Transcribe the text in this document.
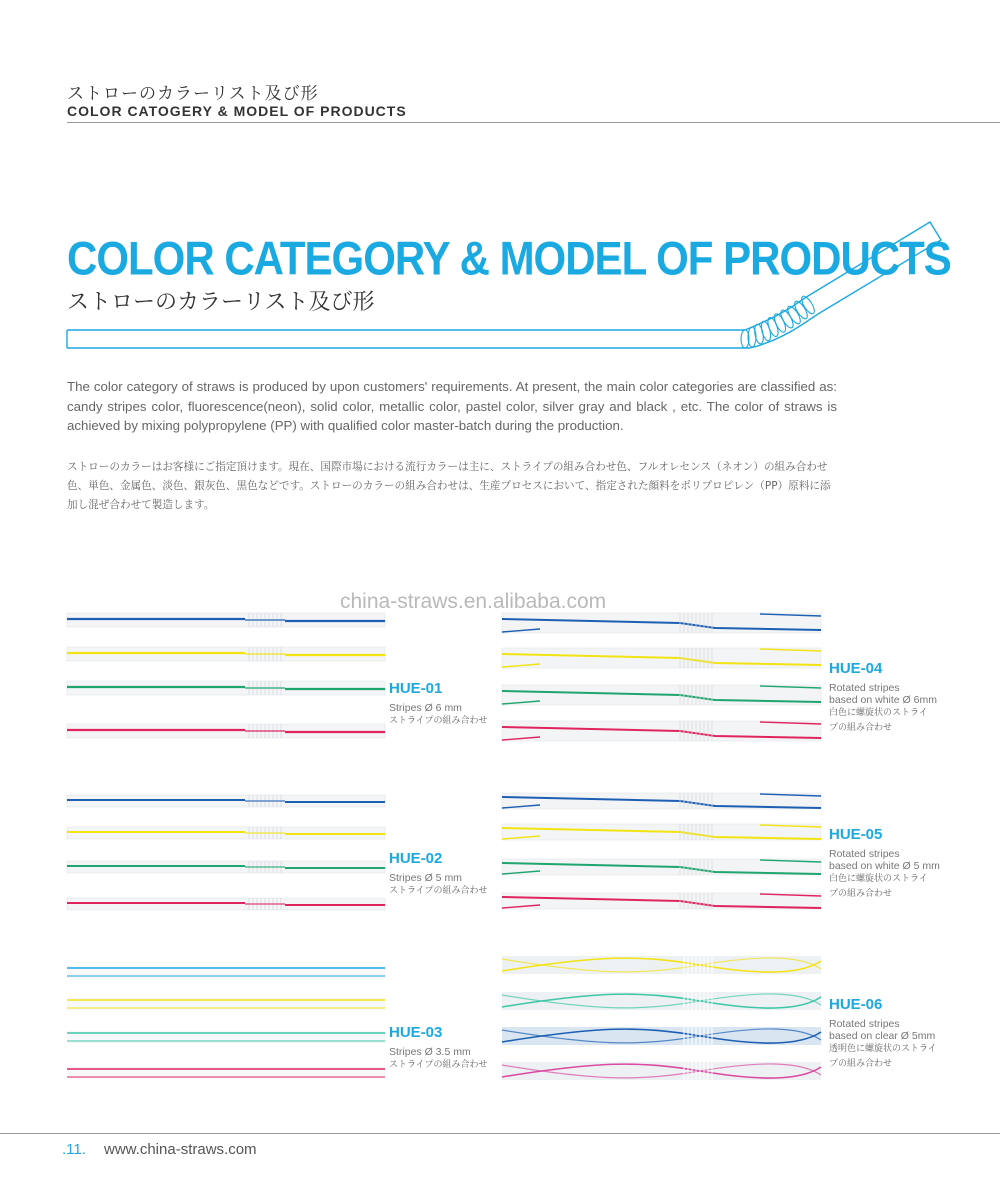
ストローのカラーリスト及び形
COLOR CATOGERY & MODEL OF PRODUCTS
COLOR CATEGORY & MODEL OF PRODUCTS
ストローのカラーリスト及び形
The color category of straws is produced by upon customers' requirements. At present, the main color categories are classified as: candy stripes color, fluorescence(neon), solid color, metallic color, pastel color, silver gray and black , etc. The color of straws is achieved by mixing polypropylene (PP) with qualified color master-batch during the production.
ストローのカラーはお客様にご指定頂けます。現在、国際市場における流行カラーは主に、ストライプの組み合わせ色、フルオレセンス（ネオン）の組み合わせ色、単色、金属色、淡色、銀灰色、黒色などです。ストローのカラーの組み合わせは、生産プロセスにおいて、指定された顔料をポリプロピレン（PP）原料に添加し混ぜ合わせて製造します。
china-straws.en.alibaba.com
HUE-01
Stripes Ø 6 mm
ストライプの組み合わせ
HUE-02
Stripes Ø 5 mm
ストライプの組み合わせ
HUE-03
Stripes Ø 3.5 mm
ストライプの組み合わせ
HUE-04
Rotated stripes
based on white Ø 6mm
白色に螺旋状のストライ
プの組み合わせ
HUE-05
Rotated stripes
based on white Ø 5 mm
白色に螺旋状のストライ
プの組み合わせ
HUE-06
Rotated stripes
based on clear Ø 5mm
透明色に螺旋状のストライ
プの組み合わせ
.11. www.china-straws.com
